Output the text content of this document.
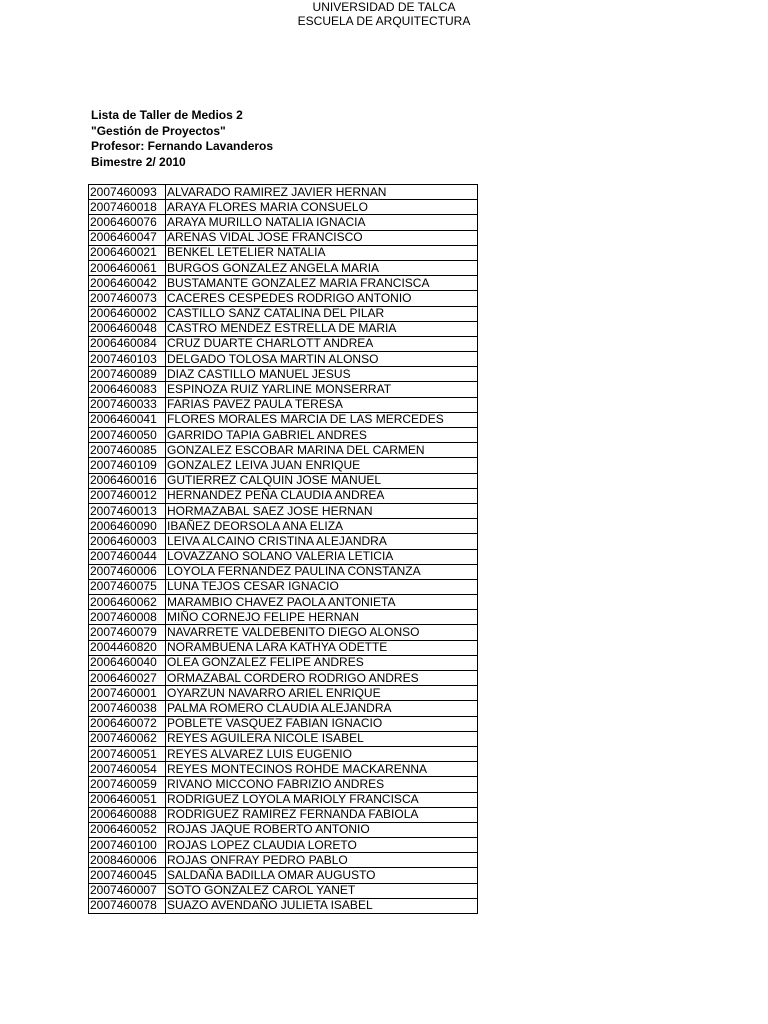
UNIVERSIDAD DE TALCA
ESCUELA DE ARQUITECTURA
Lista de Taller de Medios 2
"Gestión de Proyectos"
Profesor: Fernando Lavanderos
Bimestre 2/ 2010
	2007460093	ALVARADO RAMIREZ JAVIER HERNAN

	2007460018	ARAYA FLORES MARIA CONSUELO

	2006460076	ARAYA MURILLO NATALIA IGNACIA

	2006460047	ARENAS VIDAL JOSE FRANCISCO

	2006460021	BENKEL LETELIER NATALIA

	2006460061	BURGOS GONZALEZ ANGELA MARIA

	2006460042	BUSTAMANTE GONZALEZ MARIA FRANCISCA

	2007460073	CACERES CESPEDES RODRIGO ANTONIO

	2006460002	CASTILLO SANZ CATALINA DEL PILAR

	2006460048	CASTRO MENDEZ ESTRELLA DE MARIA

	2006460084	CRUZ DUARTE CHARLOTT ANDREA

	2007460103	DELGADO TOLOSA MARTIN ALONSO

	2007460089	DIAZ CASTILLO MANUEL JESUS

	2006460083	ESPINOZA RUIZ YARLINE MONSERRAT

	2007460033	FARIAS PAVEZ PAULA TERESA

	2006460041	FLORES MORALES MARCIA DE LAS MERCEDES

	2007460050	GARRIDO TAPIA GABRIEL ANDRES

	2007460085	GONZALEZ ESCOBAR MARINA DEL CARMEN

	2007460109	GONZALEZ LEIVA JUAN ENRIQUE

	2006460016	GUTIERREZ CALQUIN JOSE MANUEL

	2007460012	HERNANDEZ PEÑA CLAUDIA ANDREA

	2007460013	HORMAZABAL SAEZ JOSE HERNAN

	2006460090	IBAÑEZ DEORSOLA ANA ELIZA

	2006460003	LEIVA ALCAINO CRISTINA ALEJANDRA

	2007460044	LOVAZZANO SOLANO VALERIA LETICIA

	2007460006	LOYOLA FERNANDEZ PAULINA CONSTANZA

	2007460075	LUNA TEJOS CESAR IGNACIO

	2006460062	MARAMBIO CHAVEZ PAOLA ANTONIETA

	2007460008	MIÑO CORNEJO FELIPE HERNAN

	2007460079	NAVARRETE VALDEBENITO DIEGO ALONSO

	2004460820	NORAMBUENA LARA KATHYA ODETTE

	2006460040	OLEA GONZALEZ FELIPE ANDRES

	2006460027	ORMAZABAL CORDERO RODRIGO ANDRES

	2007460001	OYARZUN NAVARRO ARIEL ENRIQUE

	2007460038	PALMA ROMERO CLAUDIA ALEJANDRA

	2006460072	POBLETE VASQUEZ FABIAN IGNACIO

	2007460062	REYES AGUILERA NICOLE ISABEL

	2007460051	REYES ALVAREZ LUIS EUGENIO

	2007460054	REYES MONTECINOS ROHDE MACKARENNA

	2007460059	RIVANO MICCONO FABRIZIO ANDRES

	2006460051	RODRIGUEZ LOYOLA MARIOLY FRANCISCA

	2006460088	RODRIGUEZ RAMIREZ FERNANDA FABIOLA

	2006460052	ROJAS JAQUE ROBERTO ANTONIO

	2007460100	ROJAS LOPEZ CLAUDIA LORETO

	2008460006	ROJAS ONFRAY PEDRO PABLO

	2007460045	SALDAÑA BADILLA OMAR AUGUSTO

	2007460007	SOTO GONZALEZ CAROL YANET

	2007460078	SUAZO AVENDAÑO JULIETA ISABEL
